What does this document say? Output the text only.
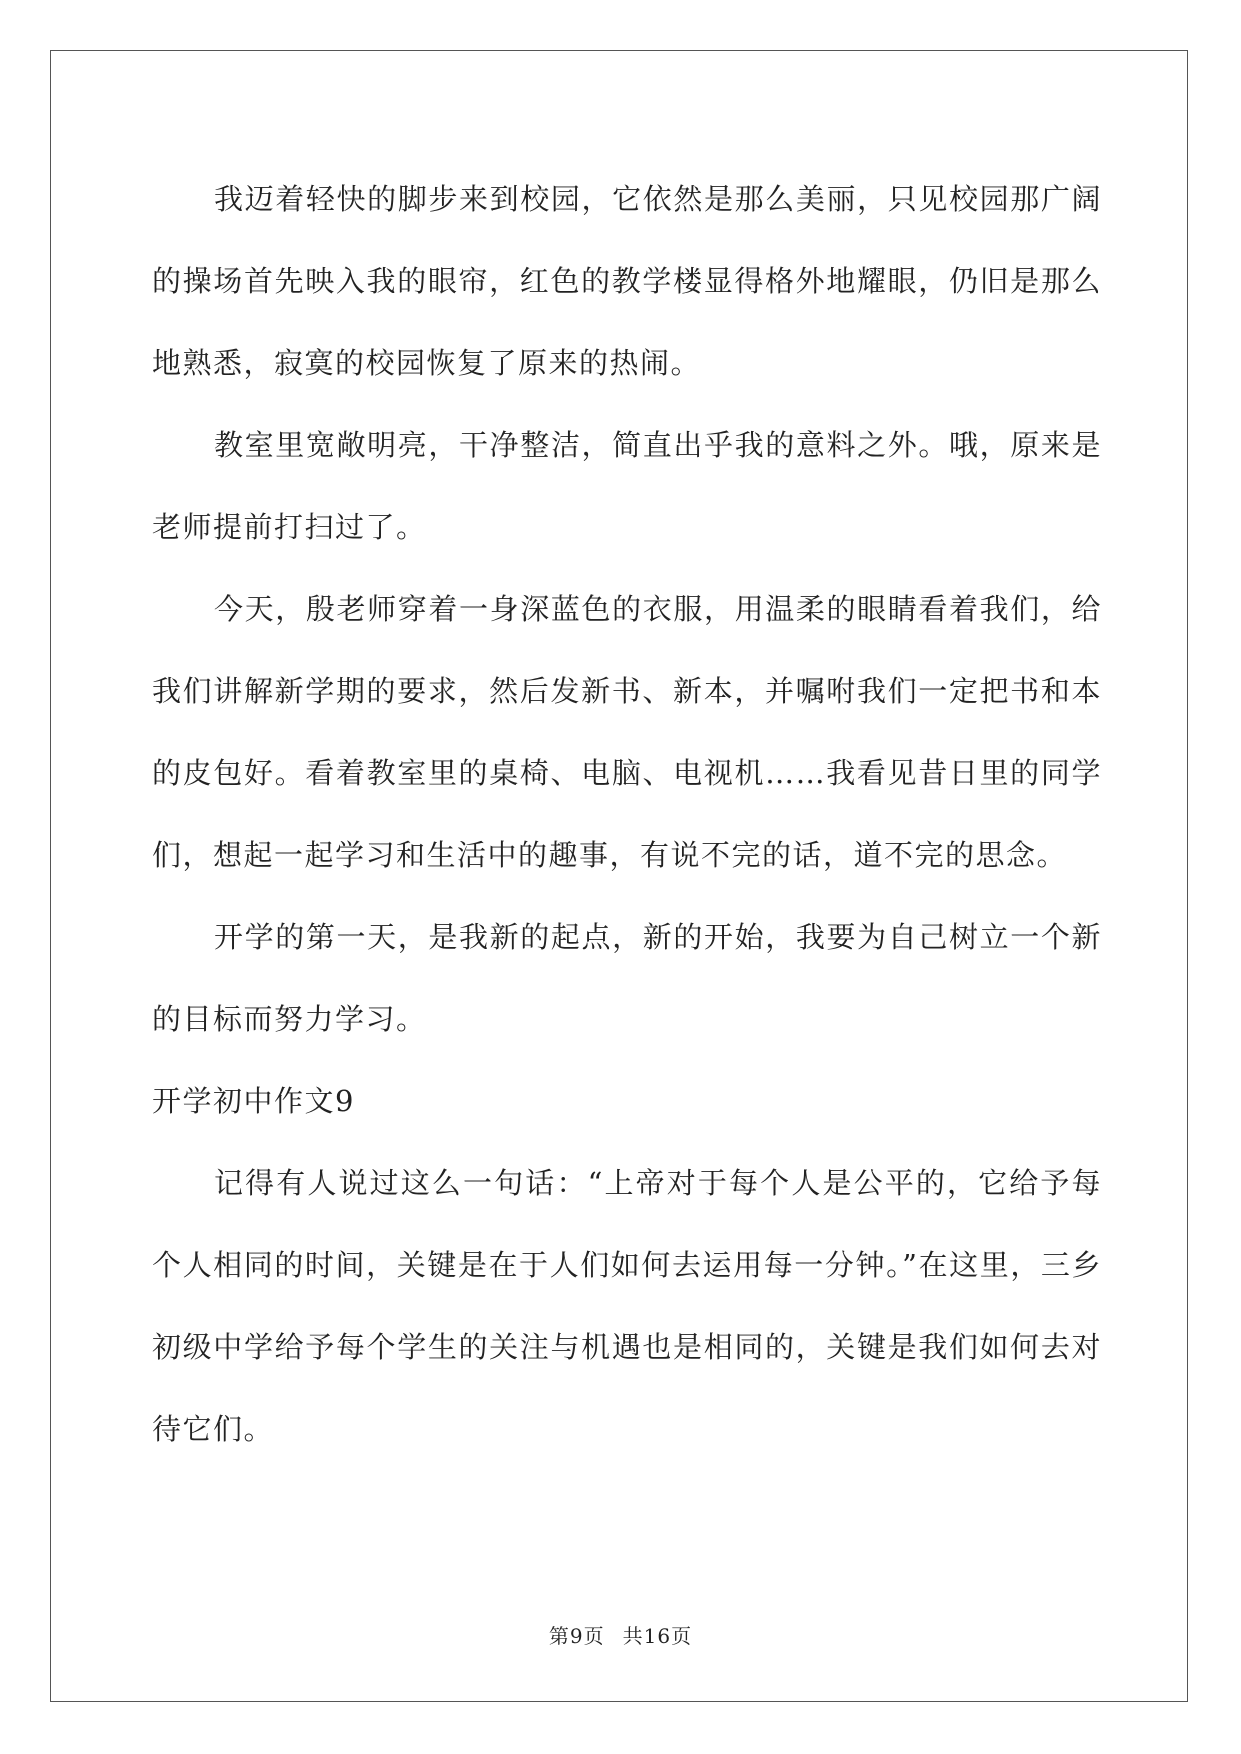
我迈着轻快的脚步来到校园，它依然是那么美丽，只见校园那广阔的操场首先映入我的眼帘，红色的教学楼显得格外地耀眼，仍旧是那么地熟悉，寂寞的校园恢复了原来的热闹。

教室里宽敞明亮，干净整洁，简直出乎我的意料之外。哦，原来是老师提前打扫过了。

今天，殷老师穿着一身深蓝色的衣服，用温柔的眼睛看着我们，给我们讲解新学期的要求，然后发新书、新本，并嘱咐我们一定把书和本的皮包好。看着教室里的桌椅、电脑、电视机……我看见昔日里的同学们，想起一起学习和生活中的趣事，有说不完的话，道不完的思念。

开学的第一天，是我新的起点，新的开始，我要为自己树立一个新的目标而努力学习。

开学初中作文9

记得有人说过这么一句话：“上帝对于每个人是公平的，它给予每个人相同的时间，关键是在于人们如何去运用每一分钟。”在这里，三乡初级中学给予每个学生的关注与机遇也是相同的，关键是我们如何去对待它们。

第9页 共16页
